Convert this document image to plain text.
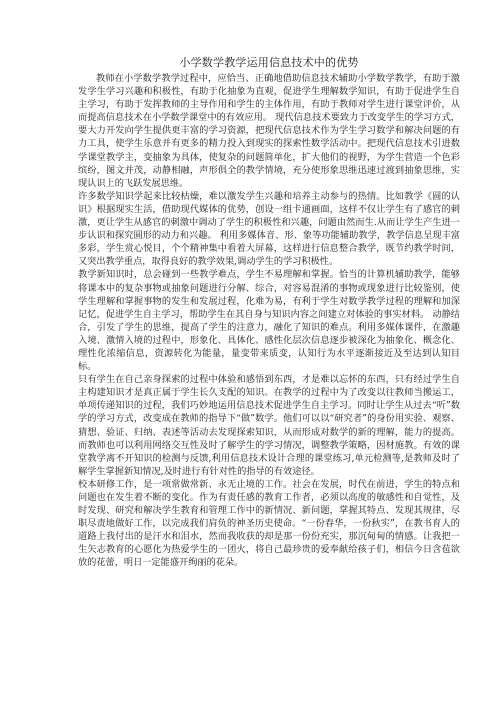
小学数学教学运用信息技术中的优势

教师在小学数学教学过程中，应恰当、正确地借助信息技术辅助小学数学教学，有助于激发学生学习兴趣和积极性，有助于化抽象为直观，促进学生理解数学知识，有助于促进学生自主学习，有助于发挥教师的主导作用和学生的主体作用，有助于教师对学生进行课堂评价，从而提高信息技术在小学数学课堂中的有效应用。 现代信息技术要致力于改变学生的学习方式，要大力开发向学生提供更丰富的学习资源，把现代信息技术作为学生学习数学和解决问题的有力工具，使学生乐意并有更多的精力投入到现实的探索性数学活动中。把现代信息技术引进数学课堂教学主，变抽象为具体，使复杂的问题简单化，扩大他们的视野，为学生营造一个色彩缤纷，图文并茂，动静相融，声形俱全的教学情境，充分使形象思维迅速过渡到抽象思维，实现认识上的飞跃发展思维。

许多数学知识学起来比较枯燥，难以激发学生兴趣和培养主动参与的热情。比如教学《圆的认识》根据现实生活，借助现代媒体的优势，创设一组卡通画面，这样不仅让学生有了感官的刺激，更让学生从感官的刺激中调动了学生的积极性和兴趣，问题由然而生.从而让学生产生进一步认识和探究圆形的动力和兴趣。 利用多媒体音、形、象等功能辅助教学，教学信息呈现丰富多彩，学生赏心悦目，个个精神集中看着大屏幕，这样进行信息整合教学，既节约教学时间，又突出教学重点，取得良好的教学效果,调动学生的学习积极性。

教学新知识时，总会碰到一些教学难点，学生不易理解和掌握。恰当的计算机辅助教学，能够将课本中的复杂事物或抽象问题进行分解、综合，对容易混淆的事物或现象进行比较鉴别，使学生理解和掌握事物的发生和发展过程，化难为易，有利于学生对数学教学过程的理解和加深记忆，促进学生自主学习，帮助学生在其自身与知识内容之间建立对体验的事实材料。 动静结合，引发了学生的思维，提高了学生的注意力，融化了知识的难点。利用多媒体课件，在激趣入境、激情入境的过程中，形象化、具体化、感性化层次信息逐步被深化为抽象化、概念化、理性化浓缩信息，资源转化为能量，量变带来质变，认知行为水平逐渐接近及至达到认知目标。

只有学生在自己亲身探索的过程中体验和感悟到东西，才是难以忘怀的东西，只有经过学生自主构建知识才是真正属于学生长久支配的知识。在教学的过程中为了改变以往教师当搬运工，单项传递知识的过程，我们巧妙地运用信息技术促进学生自主学习。同时让学生从过去“听”数学的学习方式，改变成在教师的指导下“做”数学。他们可以以“研究者”的身份用实验、观察、猜想、验证、归纳、表述等活动去发现探索知识，从而形成对数学的新的理解，能力的提高。而教师也可以利用网络交互性及时了解学生的学习情况，调整教学策略，因材施教。有效的课堂教学离不开知识的检测与反馈,利用信息技术设计合理的课堂练习,单元检测等,是教师及时了解学生掌握新知情况,及时进行有针对性的指导的有效途径。

校本研修工作，是一项常做常新、永无止境的工作。社会在发展，时代在前进，学生的特点和问题也在发生着不断的变化。作为有责任感的教育工作者，必须以高度的敏感性和自觉性，及时发现、研究和解决学生教育和管理工作中的新情况、新问题，掌握其特点、发现其规律，尽职尽责地做好工作，以完成我们肩负的神圣历史使命。“一份春华，一份秋实”，在教书育人的道路上我付出的是汗水和泪水，然而我收获的却是那一份份充实，那沉甸甸的情感。让我把一生矢志教育的心愿化为热爱学生的一团火，将自己最珍贵的爱奉献给孩子们，相信今日含苞欲放的花蕾，明日一定能盛开绚丽的花朵。
